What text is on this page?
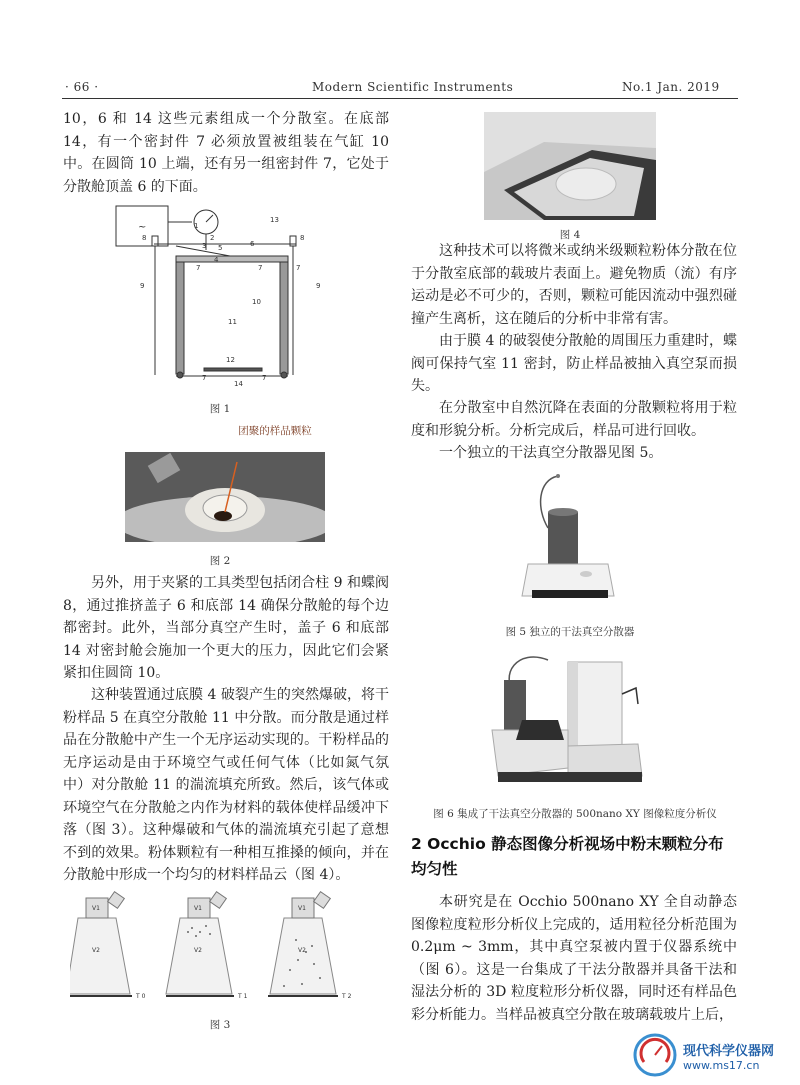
· 66 ·	Modern Scientific Instruments	No.1 Jan. 2019

10，6 和 14 这些元素组成一个分散室。在底部 14，有一个密封件 7 必须放置被组装在气缸 10 中。在圆筒 10 上端，还有另一组密封件 7，它处于分散舱顶盖 6 的下面。

~
13
1
2
3 5	6
4
7
8
7
8
9
7
10
9
11
12
7
14
7
图 1
团聚的样品颗粒
图 2

另外，用于夹紧的工具类型包括闭合柱 9 和蝶阀 8，通过推挤盖子 6 和底部 14 确保分散舱的每个边都密封。此外，当部分真空产生时，盖子 6 和底部 14 对密封舱会施加一个更大的压力，因此它们会紧紧扣住圆筒 10。

这种装置通过底膜 4 破裂产生的突然爆破，将干粉样品 5 在真空分散舱 11 中分散。而分散是通过样品在分散舱中产生一个无序运动实现的。干粉样品的无序运动是由于环境空气或任何气体（比如氮气氛中）对分散舱 11 的湍流填充所致。然后，该气体或环境空气在分散舱之内作为材料的载体使样品缓冲下落（图 3）。这种爆破和气体的湍流填充引起了意想不到的效果。粉体颗粒有一种相互推搡的倾向，并在分散舱中形成一个均匀的材料样品云（图 4）。

V1	V1	V1
V2	V2	V2
T 0	T 1	T 2
图 3
图 4

这种技术可以将微米或纳米级颗粒粉体分散在位于分散室底部的载玻片表面上。避免物质（流）有序运动是必不可少的，否则，颗粒可能因流动中强烈碰撞产生离析，这在随后的分析中非常有害。

由于膜 4 的破裂使分散舱的周围压力重建时，蝶阀可保持气室 11 密封，防止样品被抽入真空泵而损失。

在分散室中自然沉降在表面的分散颗粒将用于粒度和形貌分析。分析完成后，样品可进行回收。

一个独立的干法真空分散器见图 5。

图 5 独立的干法真空分散器
图 6 集成了干法真空分散器的 500nano XY 图像粒度分析仪
2 Occhio 静态图像分析视场中粉末颗粒分布均匀性

本研究是在 Occhio 500nano XY 全自动静态图像粒度粒形分析仪上完成的，适用粒径分析范围为 0.2μm ~ 3mm，其中真空泵被内置于仪器系统中（图 6）。这是一台集成了干法分散器并具备干法和湿法分析的 3D 粒度粒形分析仪器，同时还有样品色彩分析能力。当样品被真空分散在玻璃载玻片上后，

现代科学仪器网
www.ms17.cn
